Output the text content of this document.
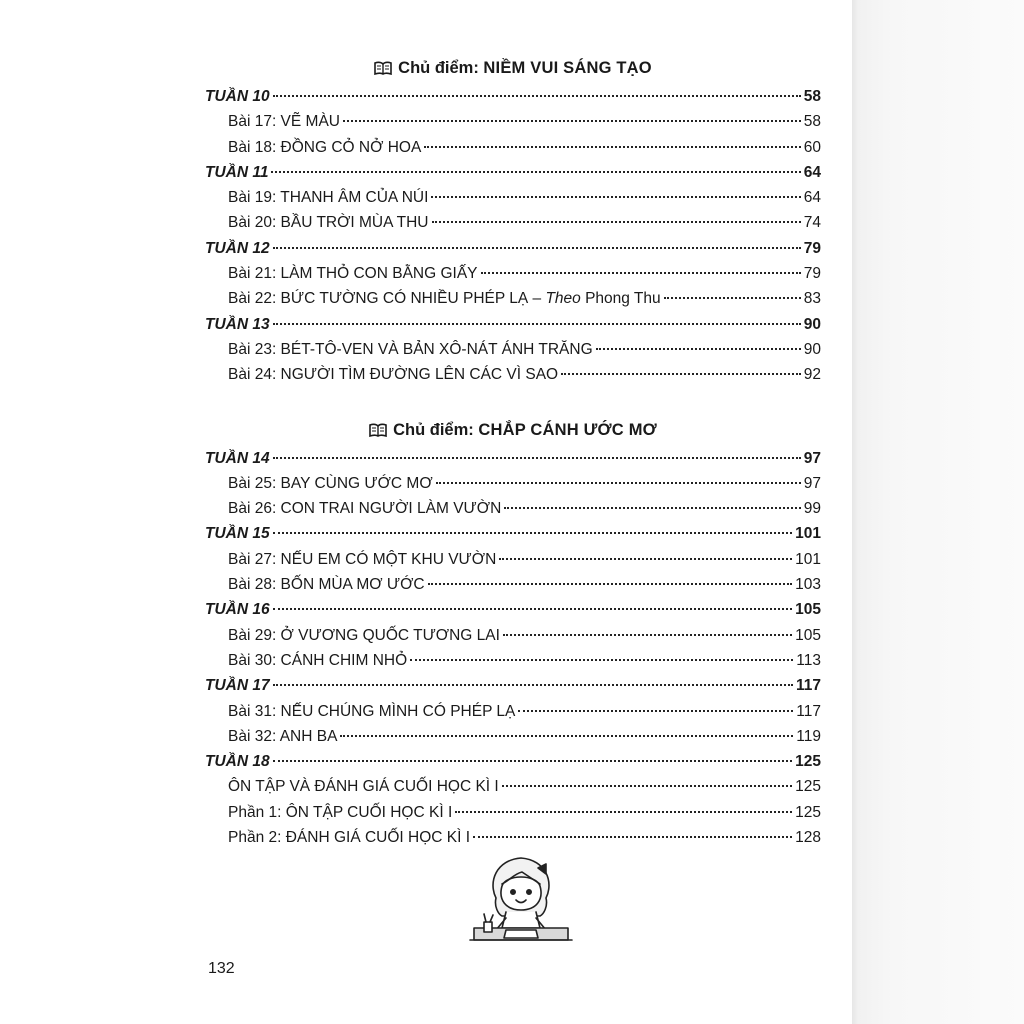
Chủ điểm: NIỀM VUI SÁNG TẠO
TUẦN 10	58
Bài 17: VẼ MÀU	58
Bài 18: ĐỒNG CỎ NỞ HOA	60
TUẦN 11	64
Bài 19: THANH ÂM CỦA NÚI	64
Bài 20: BẦU TRỜI MÙA THU	74
TUẦN 12	79
Bài 21: LÀM THỎ CON BẰNG GIẤY	79
Bài 22: BỨC TƯỜNG CÓ NHIỀU PHÉP LẠ – Theo Phong Thu	83
TUẦN 13	90
Bài 23: BÉT-TÔ-VEN VÀ BẢN XÔ-NÁT ÁNH TRĂNG	90
Bài 24: NGƯỜI TÌM ĐƯỜNG LÊN CÁC VÌ SAO	92
Chủ điểm: CHẮP CÁNH ƯỚC MƠ
TUẦN 14	97
Bài 25: BAY CÙNG ƯỚC MƠ	97
Bài 26: CON TRAI NGƯỜI LÀM VƯỜN	99
TUẦN 15	101
Bài 27: NẾU EM CÓ MỘT KHU VƯỜN	101
Bài 28: BỐN MÙA MƠ ƯỚC	103
TUẦN 16	105
Bài 29: Ở VƯƠNG QUỐC TƯƠNG LAI	105
Bài 30: CÁNH CHIM NHỎ	113
TUẦN 17	117
Bài 31: NẾU CHÚNG MÌNH CÓ PHÉP LẠ	117
Bài 32: ANH BA	119
TUẦN 18	125
ÔN TẬP VÀ ĐÁNH GIÁ CUỐI HỌC KÌ I	125
Phần 1: ÔN TẬP CUỐI HỌC KÌ I	125
Phần 2: ĐÁNH GIÁ CUỐI HỌC KÌ I	128
132
